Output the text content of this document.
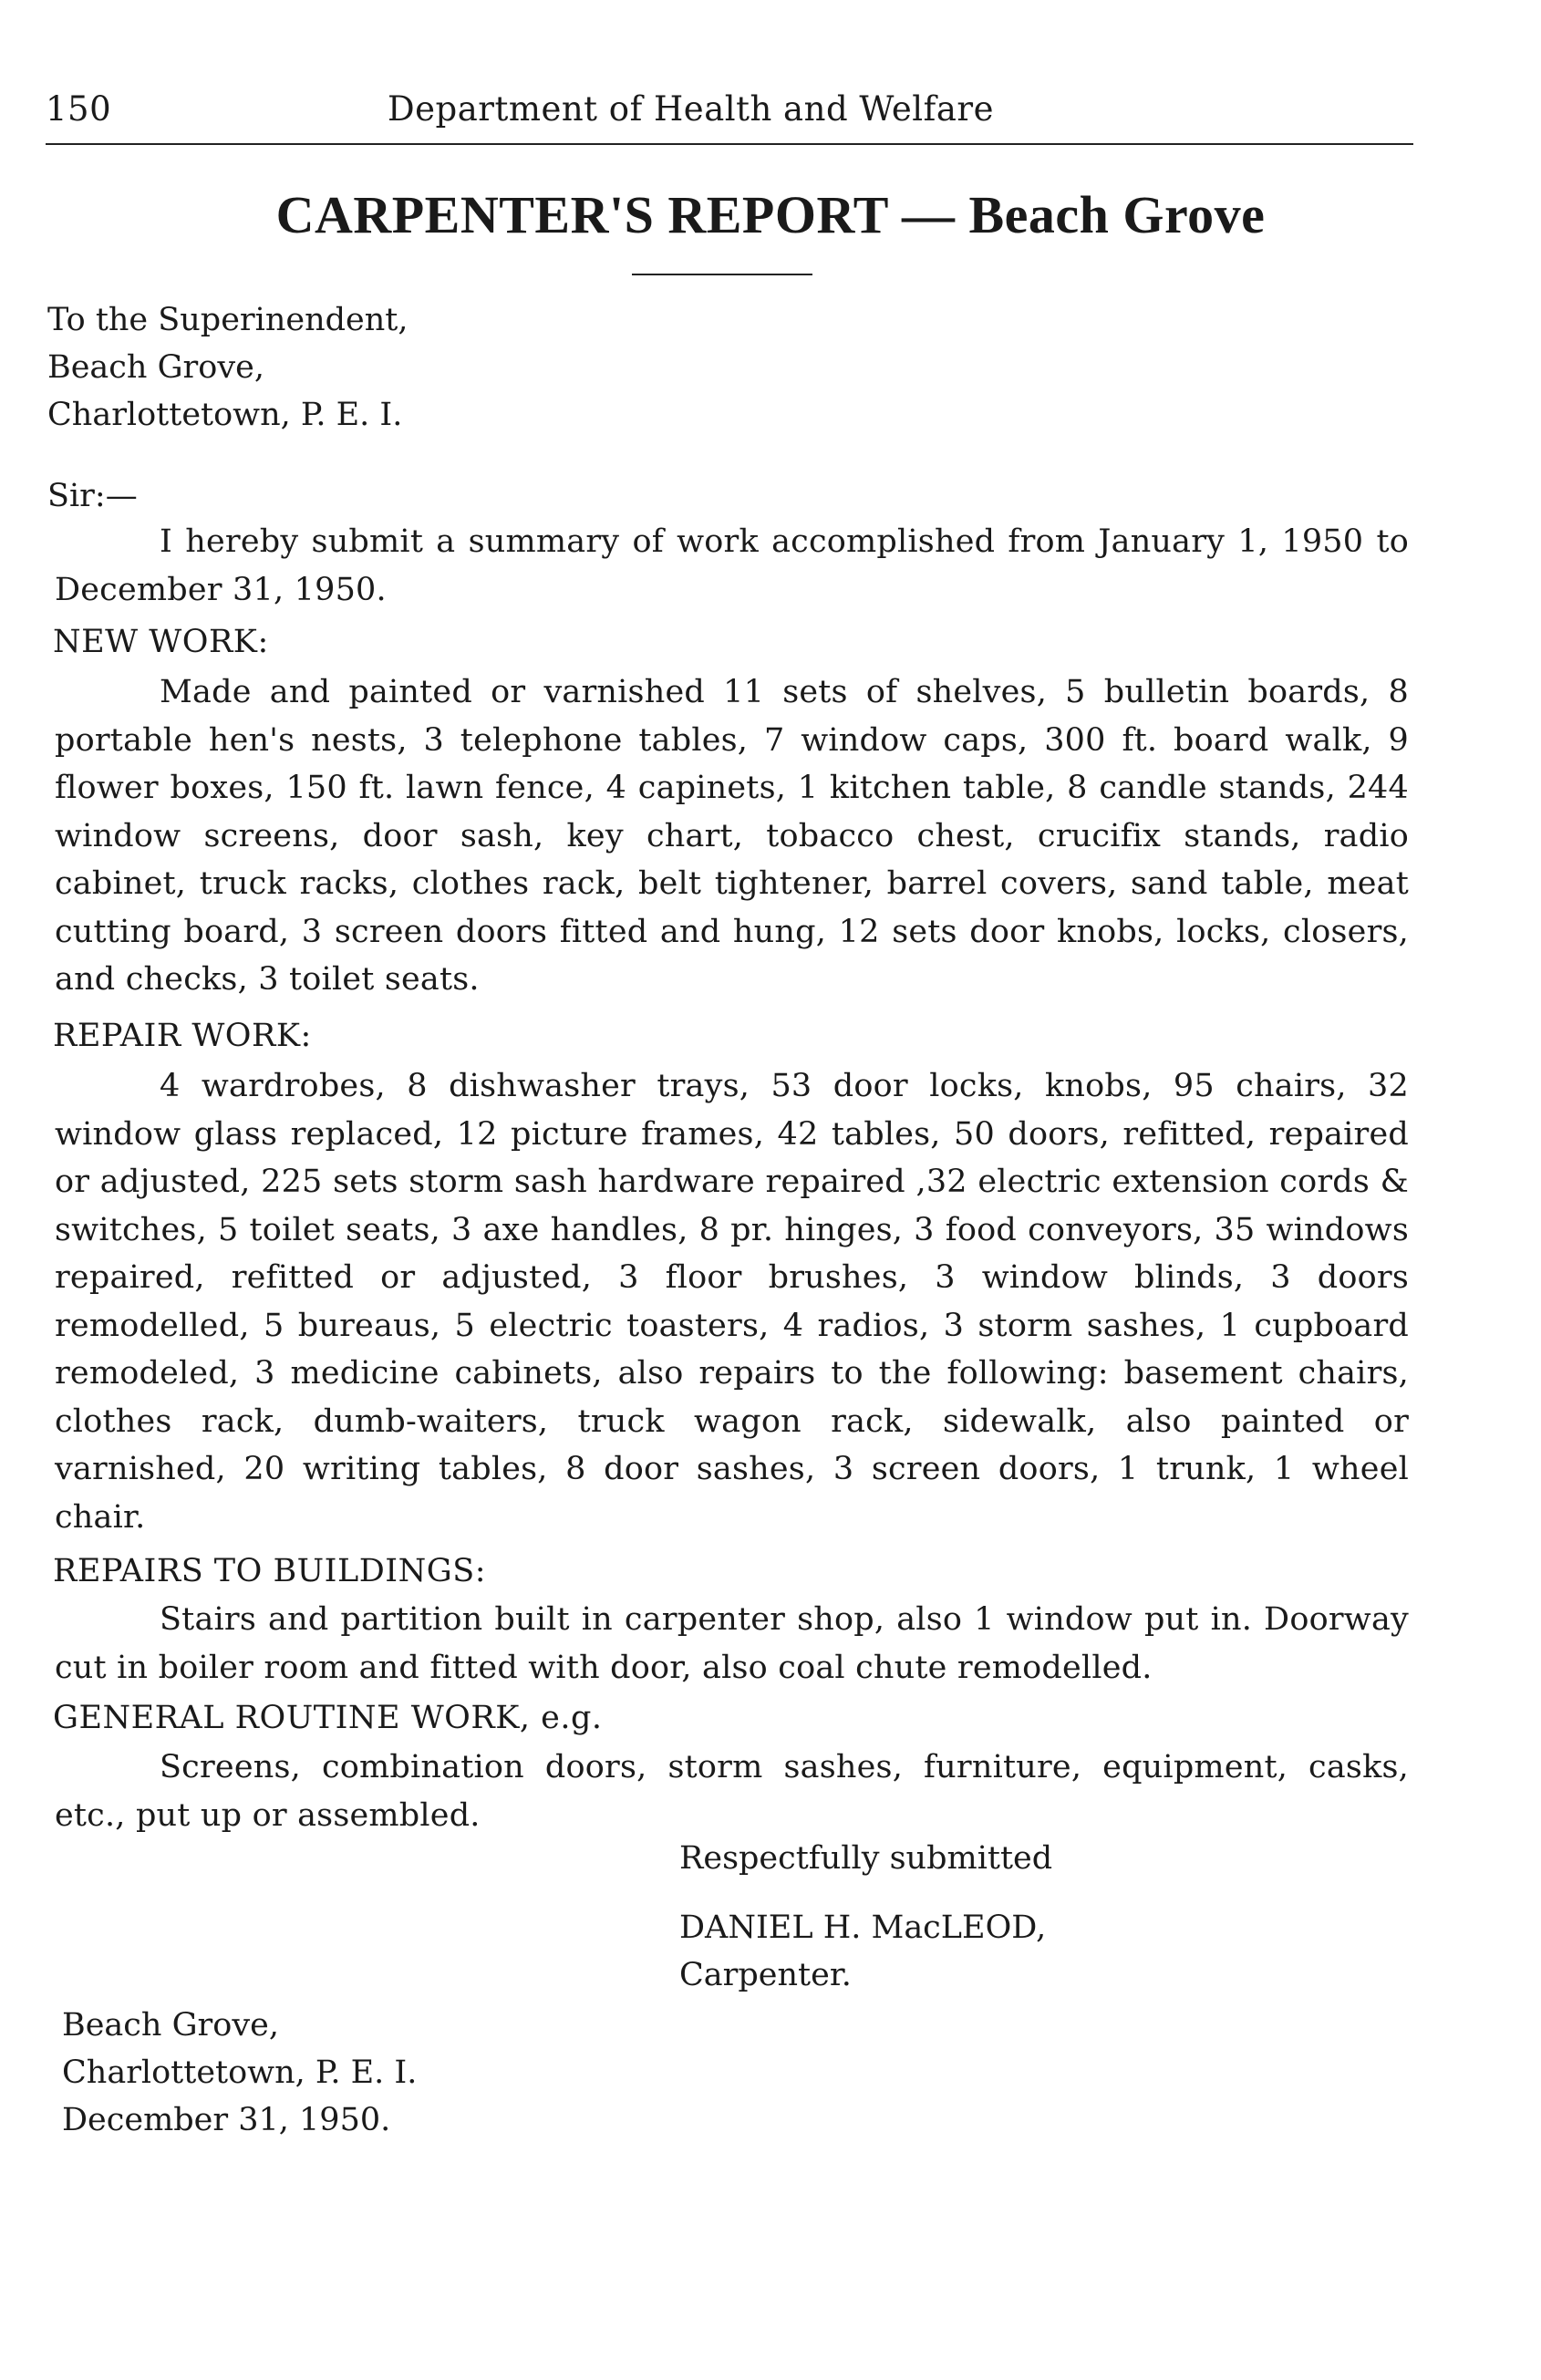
150	Department of Health and Welfare
CARPENTER'S REPORT — Beach Grove
To the Superinendent,
Beach Grove,
Charlottetown, P. E. I.
Sir:—
I hereby submit a summary of work accomplished from January 1, 1950 to December 31, 1950.
NEW WORK:
Made and painted or varnished 11 sets of shelves, 5 bulletin boards, 8 portable hen's nests, 3 telephone tables, 7 window caps, 300 ft. board walk, 9 flower boxes, 150 ft. lawn fence, 4 capinets, 1 kitchen table, 8 candle stands, 244 window screens, door sash, key chart, tobacco chest, crucifix stands, radio cabinet, truck racks, clothes rack, belt tightener, barrel covers, sand table, meat cutting board, 3 screen doors fitted and hung, 12 sets door knobs, locks, closers, and checks, 3 toilet seats.
REPAIR WORK:
4 wardrobes, 8 dishwasher trays, 53 door locks, knobs, 95 chairs, 32 window glass replaced, 12 picture frames, 42 tables, 50 doors, refitted, repaired or adjusted, 225 sets storm sash hardware repaired ,32 electric extension cords & switches, 5 toilet seats, 3 axe handles, 8 pr. hinges, 3 food conveyors, 35 windows repaired, refitted or adjusted, 3 floor brushes, 3 window blinds, 3 doors remodelled, 5 bureaus, 5 electric toasters, 4 radios, 3 storm sashes, 1 cupboard remodeled, 3 medicine cabinets, also repairs to the following: basement chairs, clothes rack, dumb-waiters, truck wagon rack, sidewalk, also painted or varnished, 20 writing tables, 8 door sashes, 3 screen doors, 1 trunk, 1 wheel chair.
REPAIRS TO BUILDINGS:
Stairs and partition built in carpenter shop, also 1 window put in. Doorway cut in boiler room and fitted with door, also coal chute remodelled.
GENERAL ROUTINE WORK, e.g.
Screens, combination doors, storm sashes, furniture, equipment, casks, etc., put up or assembled.
Respectfully submitted
DANIEL H. MacLEOD,
Carpenter.
Beach Grove,
Charlottetown, P. E. I.
December 31, 1950.
